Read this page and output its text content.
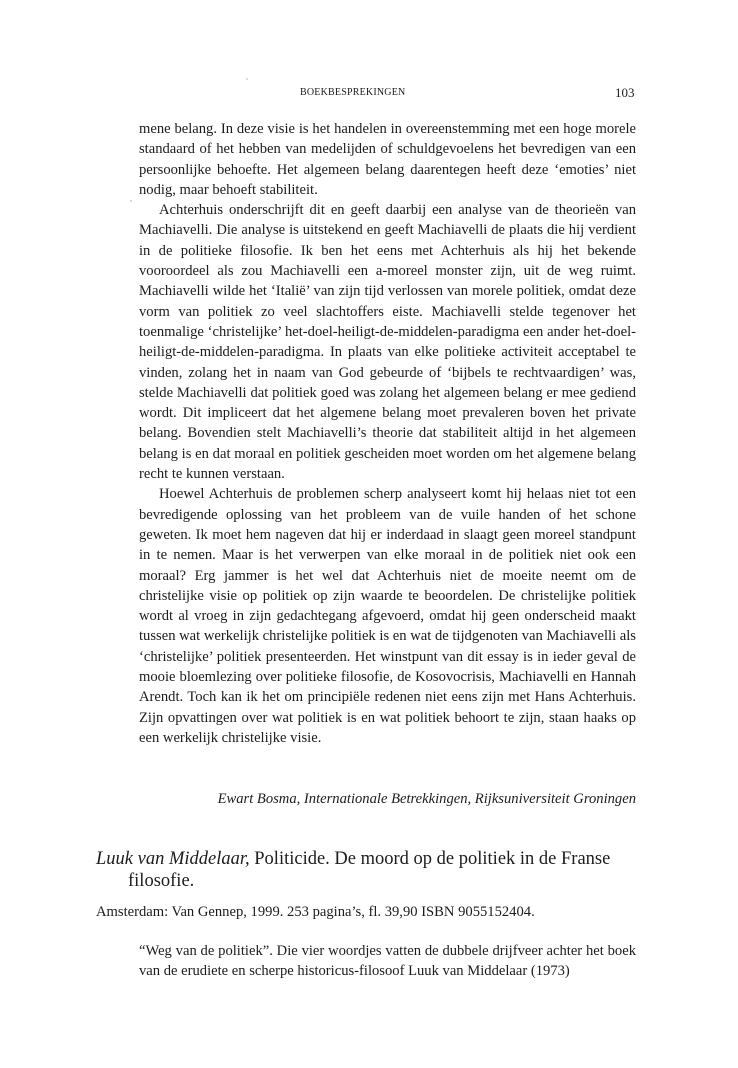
BOEKBESPREKINGEN	103

mene belang. In deze visie is het handelen in overeenstemming met een hoge morele standaard of het hebben van medelijden of schuldgevoelens het bevredigen van een persoonlijke behoefte. Het algemeen belang daarentegen heeft deze ‘emoties’ niet nodig, maar behoeft stabiliteit.

Achterhuis onderschrijft dit en geeft daarbij een analyse van de theorieën van Machiavelli. Die analyse is uitstekend en geeft Machiavelli de plaats die hij verdient in de politieke filosofie. Ik ben het eens met Achterhuis als hij het bekende vooroordeel als zou Machiavelli een a-moreel monster zijn, uit de weg ruimt. Machiavelli wilde het ‘Italië’ van zijn tijd verlossen van morele politiek, omdat deze vorm van politiek zo veel slachtoffers eiste. Machiavelli stelde tegenover het toenmalige ‘christelijke’ het-doel-heiligt-de-middelen-paradigma een ander het-doel-heiligt-de-middelen-paradigma. In plaats van elke politieke activiteit acceptabel te vinden, zolang het in naam van God gebeurde of ‘bijbels te rechtvaardigen’ was, stelde Machiavelli dat politiek goed was zolang het algemeen belang er mee gediend wordt. Dit impliceert dat het algemene belang moet prevaleren boven het private belang. Bovendien stelt Machiavelli’s theorie dat stabiliteit altijd in het algemeen belang is en dat moraal en politiek gescheiden moet worden om het algemene belang recht te kunnen verstaan.

Hoewel Achterhuis de problemen scherp analyseert komt hij helaas niet tot een bevredigende oplossing van het probleem van de vuile handen of het schone geweten. Ik moet hem nageven dat hij er inderdaad in slaagt geen moreel standpunt in te nemen. Maar is het verwerpen van elke moraal in de politiek niet ook een moraal? Erg jammer is het wel dat Achterhuis niet de moeite neemt om de christelijke visie op politiek op zijn waarde te beoordelen. De christelijke politiek wordt al vroeg in zijn gedachtegang afgevoerd, omdat hij geen onderscheid maakt tussen wat werkelijk christelijke politiek is en wat de tijdgenoten van Machiavelli als ‘christelijke’ politiek presenteerden. Het winstpunt van dit essay is in ieder geval de mooie bloemlezing over politieke filosofie, de Kosovocrisis, Machiavelli en Hannah Arendt. Toch kan ik het om principiële redenen niet eens zijn met Hans Achterhuis. Zijn opvattingen over wat politiek is en wat politiek behoort te zijn, staan haaks op een werkelijk christelijke visie.

Ewart Bosma, Internationale Betrekkingen, Rijksuniversiteit Groningen
Luuk van Middelaar, Politicide. De moord op de politiek in de Franse
filosofie.
Amsterdam: Van Gennep, 1999. 253 pagina’s, fl. 39,90 ISBN 9055152404.

“Weg van de politiek”. Die vier woordjes vatten de dubbele drijfveer achter het boek van de erudiete en scherpe historicus-filosoof Luuk van Middelaar (1973)
